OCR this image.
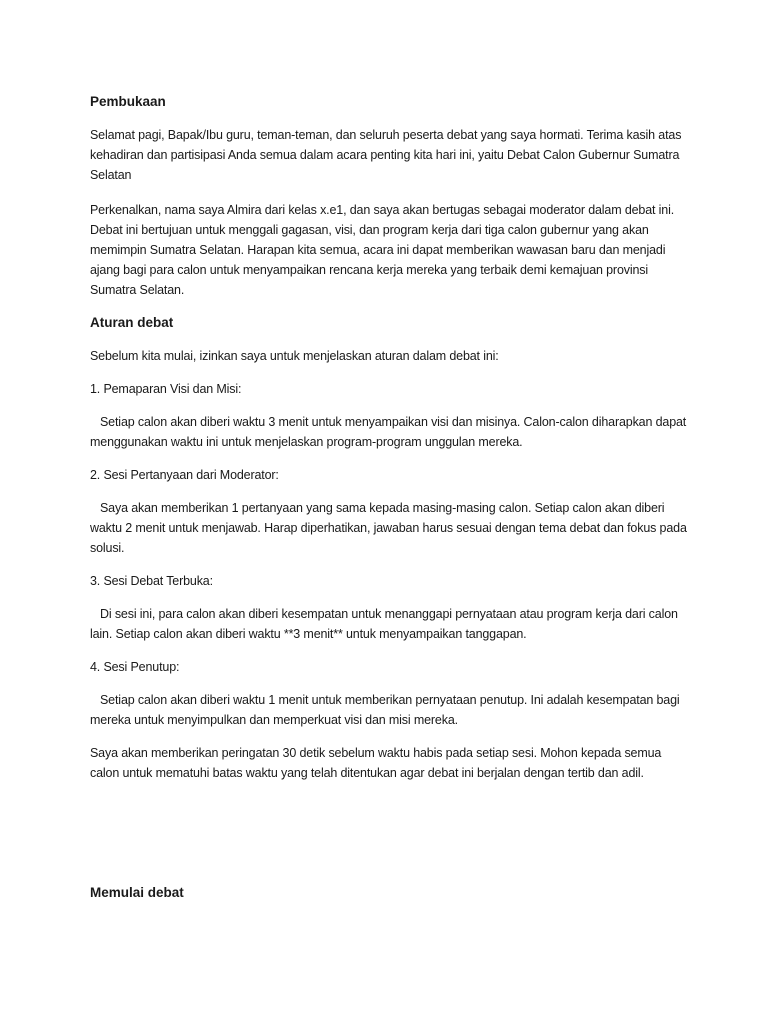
Pembukaan

Selamat pagi, Bapak/Ibu guru, teman-teman, dan seluruh peserta debat yang saya hormati. Terima kasih atas kehadiran dan partisipasi Anda semua dalam acara penting kita hari ini, yaitu Debat Calon Gubernur Sumatra Selatan

Perkenalkan, nama saya Almira dari kelas x.e1, dan saya akan bertugas sebagai moderator dalam debat ini. Debat ini bertujuan untuk menggali gagasan, visi, dan program kerja dari tiga calon gubernur yang akan memimpin Sumatra Selatan. Harapan kita semua, acara ini dapat memberikan wawasan baru dan menjadi ajang bagi para calon untuk menyampaikan rencana kerja mereka yang terbaik demi kemajuan provinsi Sumatra Selatan.

Aturan debat

Sebelum kita mulai, izinkan saya untuk menjelaskan aturan dalam debat ini:

1. Pemaparan Visi dan Misi:

Setiap calon akan diberi waktu 3 menit untuk menyampaikan visi dan misinya. Calon-calon diharapkan dapat menggunakan waktu ini untuk menjelaskan program-program unggulan mereka.

2. Sesi Pertanyaan dari Moderator:

Saya akan memberikan 1 pertanyaan yang sama kepada masing-masing calon. Setiap calon akan diberi waktu 2 menit untuk menjawab. Harap diperhatikan, jawaban harus sesuai dengan tema debat dan fokus pada solusi.

3. Sesi Debat Terbuka:

Di sesi ini, para calon akan diberi kesempatan untuk menanggapi pernyataan atau program kerja dari calon lain. Setiap calon akan diberi waktu **3 menit** untuk menyampaikan tanggapan.

4. Sesi Penutup:

Setiap calon akan diberi waktu 1 menit untuk memberikan pernyataan penutup. Ini adalah kesempatan bagi mereka untuk menyimpulkan dan memperkuat visi dan misi mereka.

Saya akan memberikan peringatan 30 detik sebelum waktu habis pada setiap sesi. Mohon kepada semua calon untuk mematuhi batas waktu yang telah ditentukan agar debat ini berjalan dengan tertib dan adil.

Memulai debat
